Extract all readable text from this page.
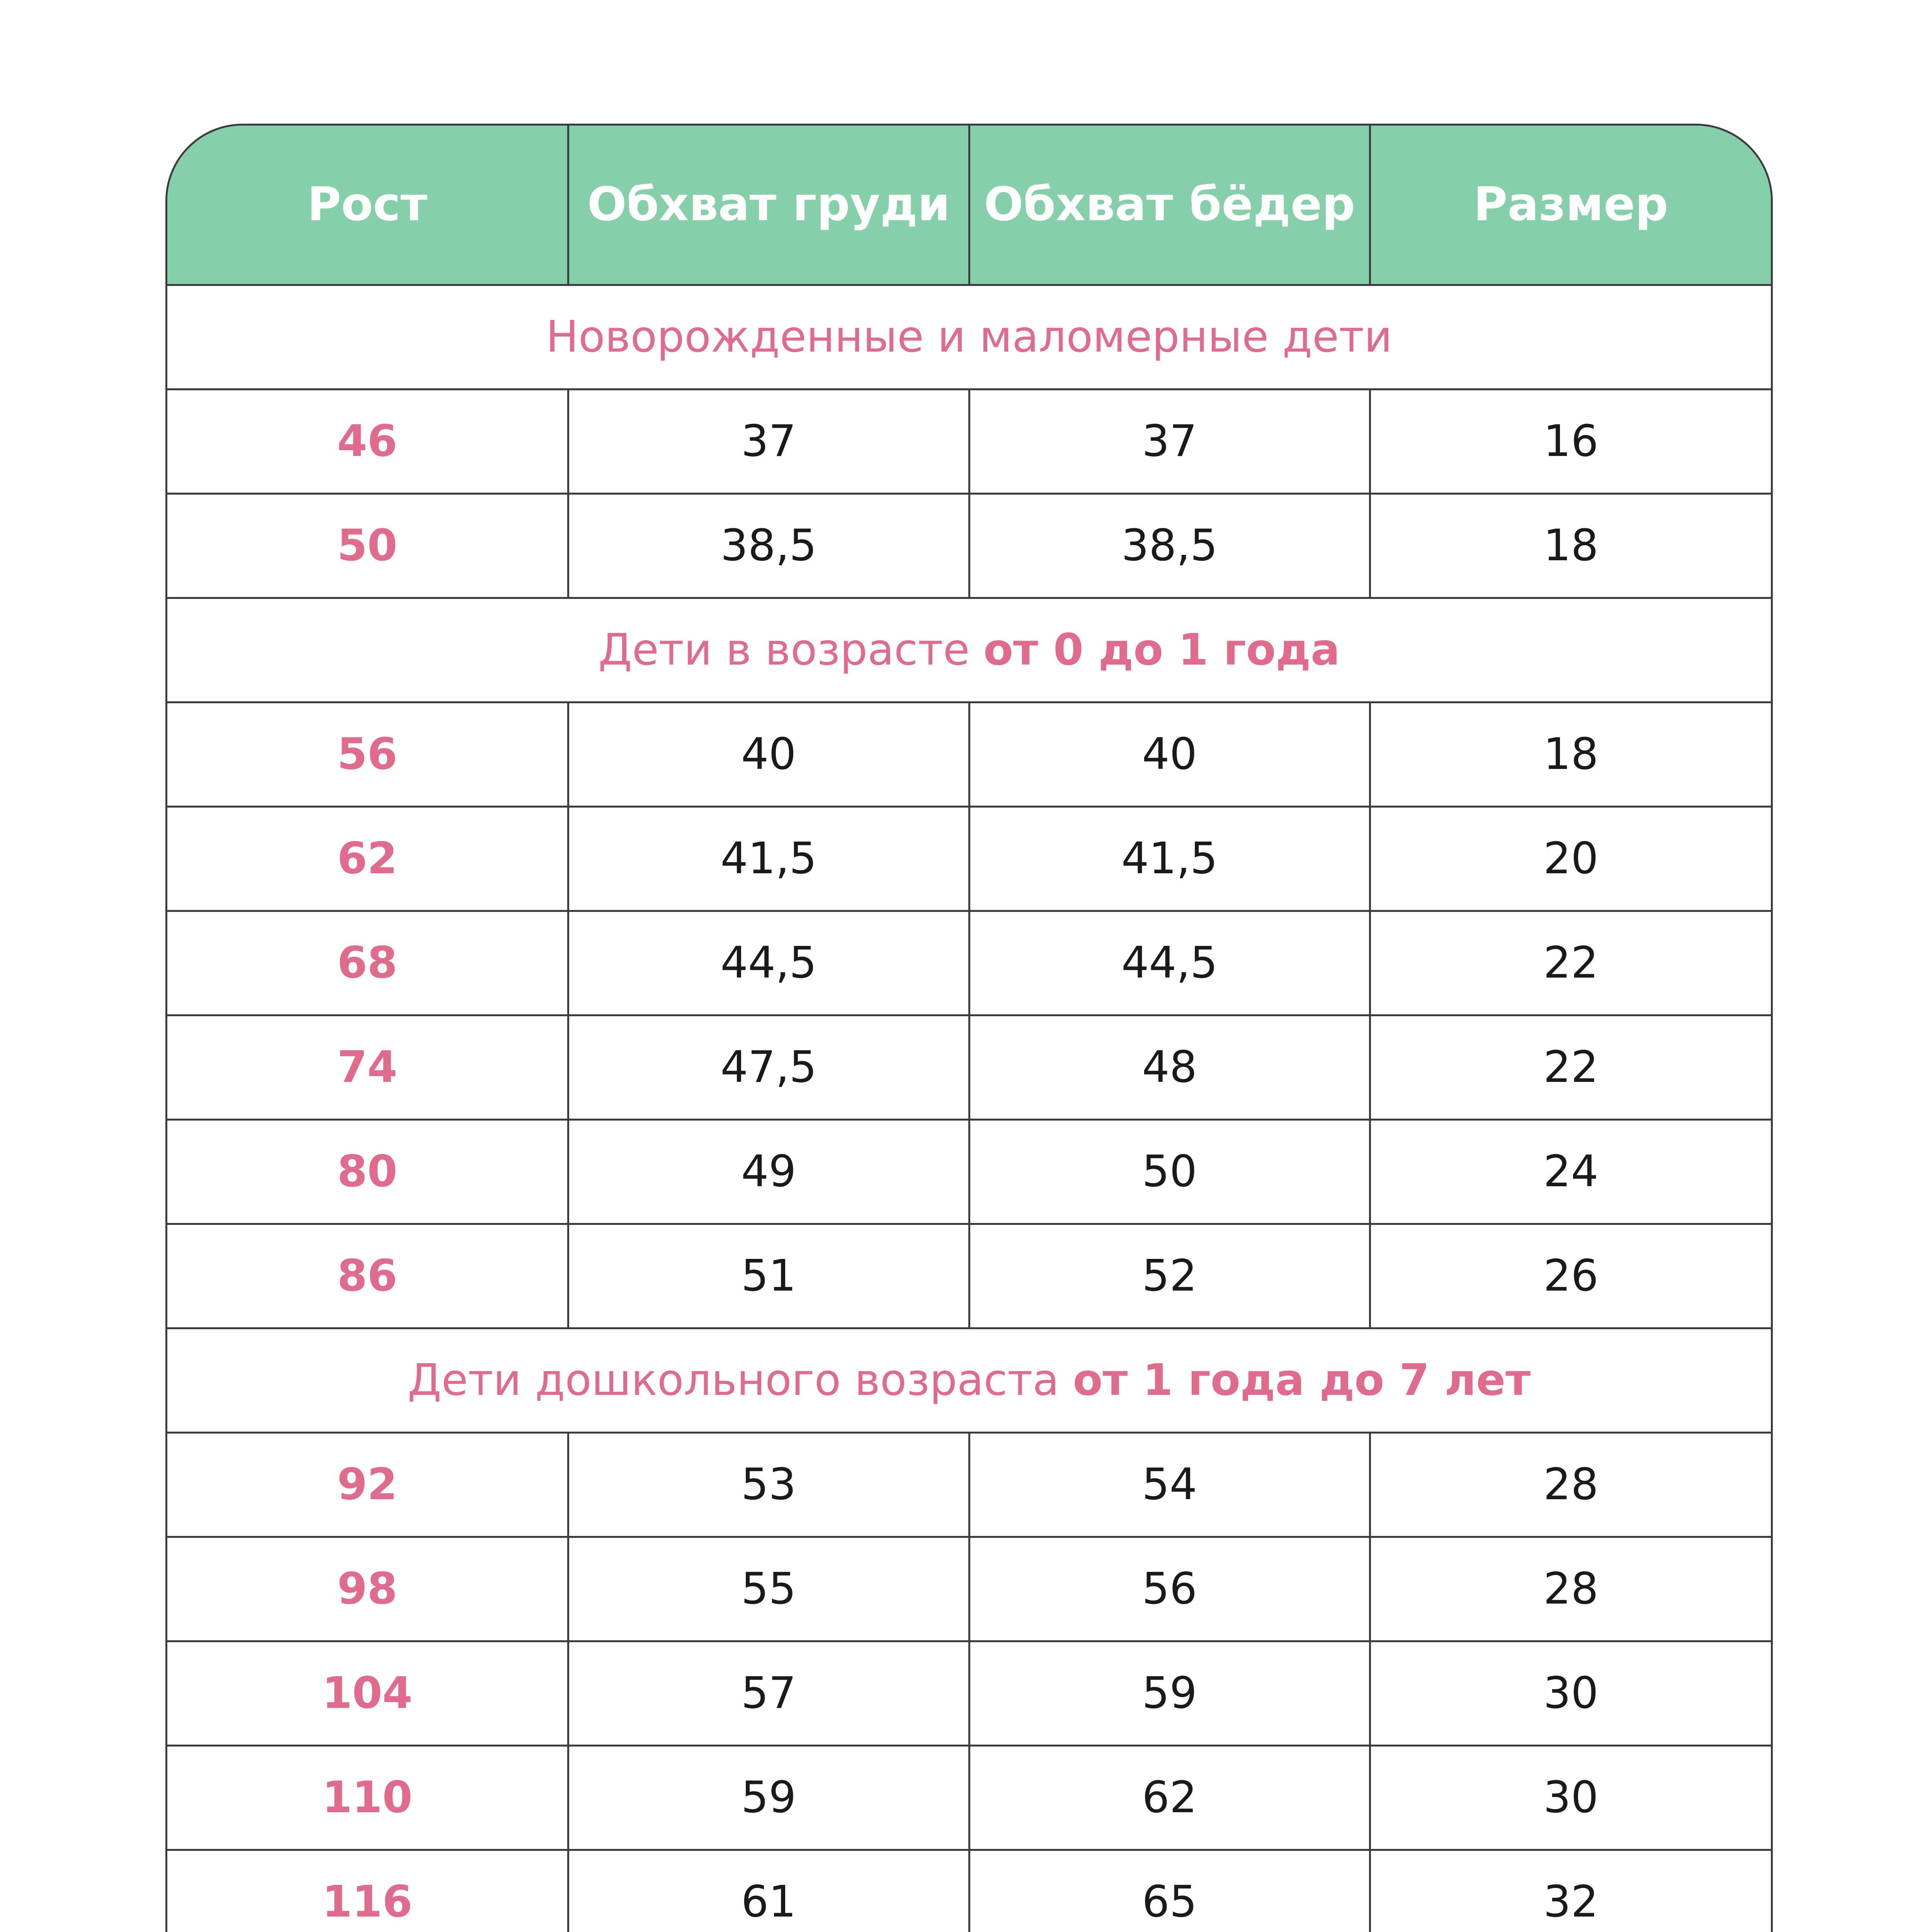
Рост	Обхват груди	Обхват бёдер	Размер
Новорожденные и маломерные дети			
46	37	37	16
50	38,5	38,5	18
Дети в возрасте от 0 до 1 года			
56	40	40	18
62	41,5	41,5	20
68	44,5	44,5	22
74	47,5	48	22
80	49	50	24
86	51	52	26
Дети дошкольного возраста от 1 года до 7 лет			
92	53	54	28
98	55	56	28
104	57	59	30
110	59	62	30
116	61	65	32
